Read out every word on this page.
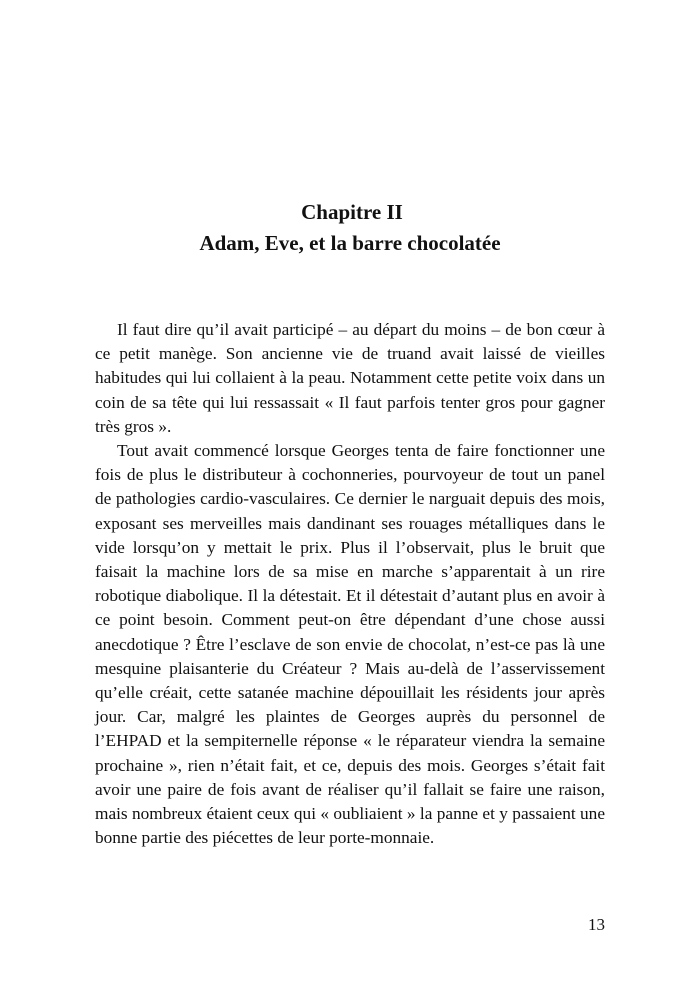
Chapitre II
Adam, Eve, et la barre chocolatée

Il faut dire qu’il avait participé – au départ du moins – de bon cœur à ce petit manège. Son ancienne vie de truand avait laissé de vieilles habitudes qui lui collaient à la peau. Notamment cette petite voix dans un coin de sa tête qui lui ressassait « Il faut parfois tenter gros pour gagner très gros ».

Tout avait commencé lorsque Georges tenta de faire fonctionner une fois de plus le distributeur à cochonneries, pourvoyeur de tout un panel de pathologies cardio-vasculaires. Ce dernier le narguait depuis des mois, exposant ses merveilles mais dandinant ses rouages métalliques dans le vide lorsqu’on y mettait le prix. Plus il l’observait, plus le bruit que faisait la machine lors de sa mise en marche s’apparentait à un rire robotique diabolique. Il la détestait. Et il détestait d’autant plus en avoir à ce point besoin. Comment peut-on être dépendant d’une chose aussi anecdotique ? Être l’esclave de son envie de chocolat, n’est-ce pas là une mesquine plaisanterie du Créateur ? Mais au-delà de l’asservissement qu’elle créait, cette satanée machine dépouillait les résidents jour après jour. Car, malgré les plaintes de Georges auprès du personnel de l’EHPAD et la sempiternelle réponse « le réparateur viendra la semaine prochaine », rien n’était fait, et ce, depuis des mois. Georges s’était fait avoir une paire de fois avant de réaliser qu’il fallait se faire une raison, mais nombreux étaient ceux qui « oubliaient » la panne et y passaient une bonne partie des piécettes de leur porte-monnaie.

13
